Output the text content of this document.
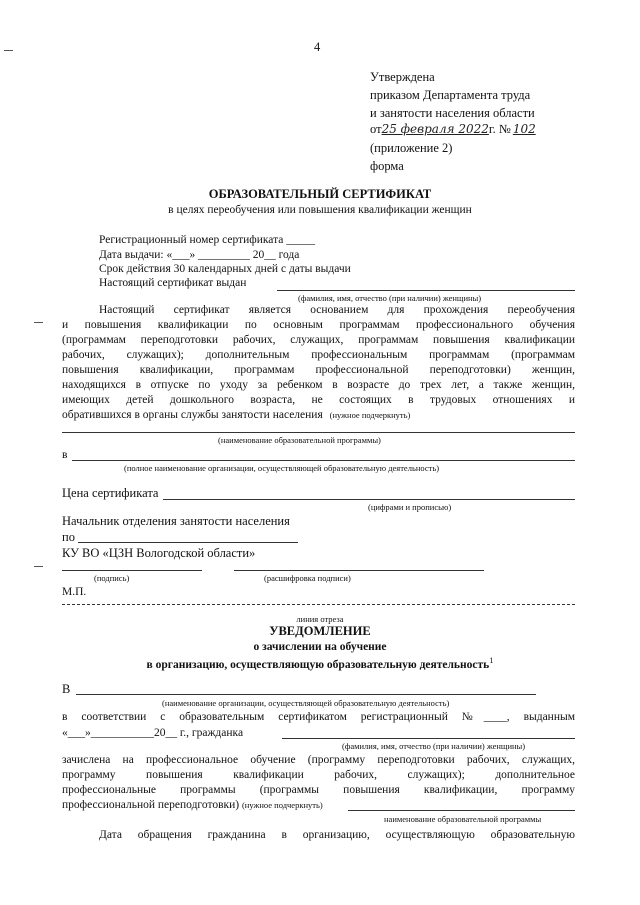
4
Утверждена
приказом Департамента труда
и занятости населения области
от25 февраля 2022г. № 102
(приложение 2)
форма
ОБРАЗОВАТЕЛЬНЫЙ СЕРТИФИКАТ
в целях переобучения или повышения квалификации женщин
Регистрационный номер сертификата _____
Дата выдачи: «___» _________ 20__ года
Срок действия 30 календарных дней с даты выдачи
Настоящий сертификат выдан
(фамилия, имя, отчество (при наличии) женщины)
Настоящий сертификат является основанием для прохождения переобучения
и повышения квалификации по основным программам профессионального обучения
(программам переподготовки рабочих, служащих, программам повышения квалификации
рабочих, служащих); дополнительным профессиональным программам (программам
повышения квалификации, программам профессиональной переподготовки) женщин,
находящихся в отпуске по уходу за ребенком в возрасте до трех лет, а также женщин,
имеющих детей дошкольного возраста, не состоящих в трудовых отношениях и
обратившихся в органы службы занятости населения (нужное подчеркнуть)
(наименование образовательной программы)
в
(полное наименование организации, осуществляющей образовательную деятельность)
Цена сертификата
(цифрами и прописью)
Начальник отделения занятости населения
по
КУ ВО «ЦЗН Вологодской области»
(подпись)	(расшифровка подписи)
М.П.
линия отреза
УВЕДОМЛЕНИЕ
о зачислении на обучение
в организацию, осуществляющую образовательную деятельность$^1$
В
(наименование организации, осуществляющей образовательную деятельность)
в соответствии с образовательным сертификатом регистрационный №____, выданным
«___»___________20__ г., гражданка
(фамилия, имя, отчество (при наличии) женщины)
зачислена на профессиональное обучение (программу переподготовки рабочих, служащих,
программу повышения квалификации рабочих, служащих); дополнительное
профессиональные программы (программы повышения квалификации, программу
профессиональной переподготовки) (нужное подчеркнуть)
наименование образовательной программы
Дата обращения гражданина в организацию, осуществляющую образовательную
